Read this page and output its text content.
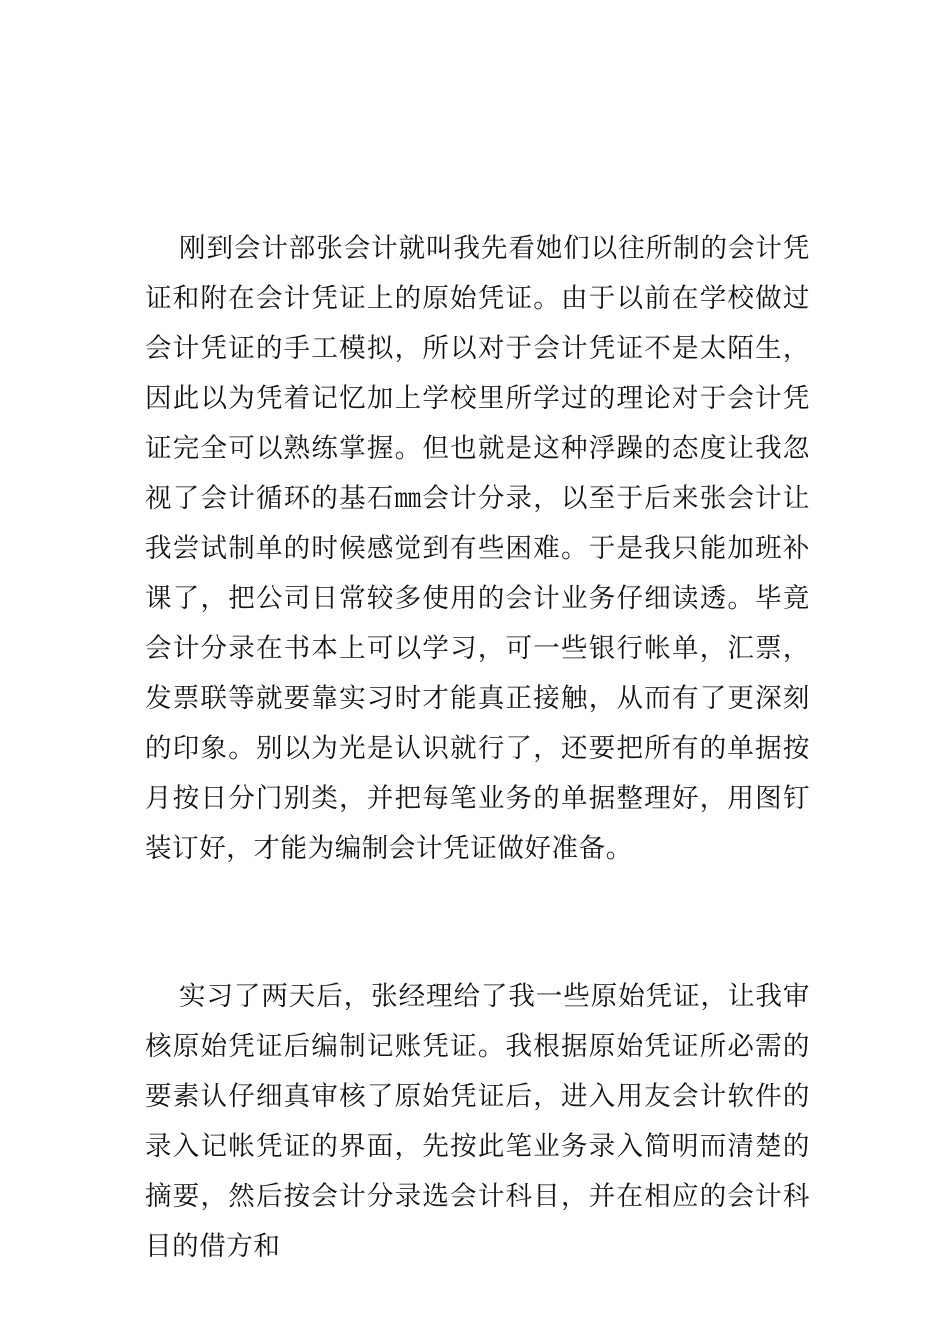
刚到会计部张会计就叫我先看她们以往所制的会计凭证和附在会计凭证上的原始凭证。由于以前在学校做过会计凭证的手工模拟，所以对于会计凭证不是太陌生，因此以为凭着记忆加上学校里所学过的理论对于会计凭证完全可以熟练掌握。但也就是这种浮躁的态度让我忽视了会计循环的基石㎜会计分录，以至于后来张会计让我尝试制单的时候感觉到有些困难。于是我只能加班补课了，把公司日常较多使用的会计业务仔细读透。毕竟会计分录在书本上可以学习，可一些银行帐单，汇票，发票联等就要靠实习时才能真正接触，从而有了更深刻的印象。别以为光是认识就行了，还要把所有的单据按月按日分门别类，并把每笔业务的单据整理好，用图钉装订好，才能为编制会计凭证做好准备。

实习了两天后，张经理给了我一些原始凭证，让我审核原始凭证后编制记账凭证。我根据原始凭证所必需的要素认仔细真审核了原始凭证后，进入用友会计软件的录入记帐凭证的界面，先按此笔业务录入简明而清楚的摘要，然后按会计分录选会计科目，并在相应的会计科目的借方和
